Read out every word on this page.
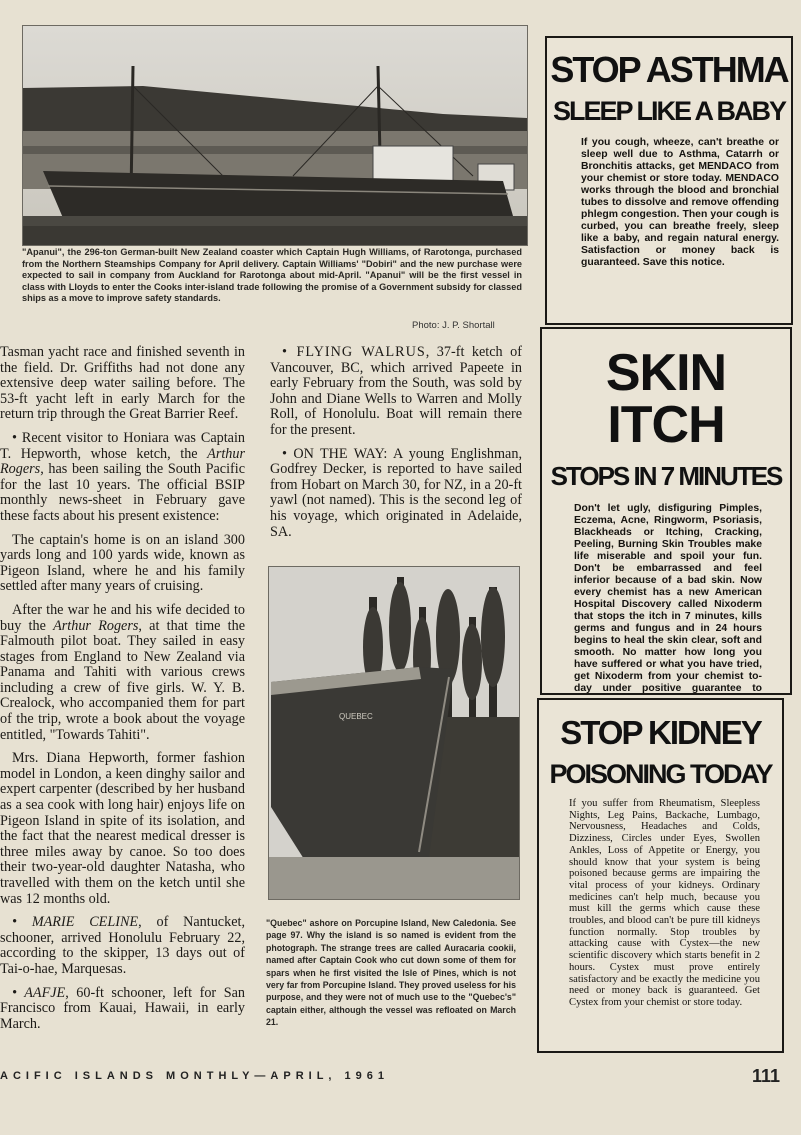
"Apanui", the 296-ton German-built New Zealand coaster which Captain Hugh Williams, of Rarotonga, purchased from the Northern Steamships Company for April delivery. Captain Williams' "Dobiri" and the new purchase were expected to sail in company from Auckland for Rarotonga about mid-April. "Apanui" will be the first vessel in class with Lloyds to enter the Cooks inter-island trade following the promise of a Government subsidy for classed ships as a move to improve safety standards.
Photo: J. P. Shortall

Tasman yacht race and finished seventh in the field. Dr. Griffiths had not done any extensive deep water sailing before. The 53-ft yacht left in early March for the return trip through the Great Barrier Reef.

• Recent visitor to Honiara was Captain T. Hepworth, whose ketch, the Arthur Rogers, has been sailing the South Pacific for the last 10 years. The official BSIP monthly news-sheet in February gave these facts about his present existence:

The captain's home is on an island 300 yards long and 100 yards wide, known as Pigeon Island, where he and his family settled after many years of cruising.

After the war he and his wife decided to buy the Arthur Rogers, at that time the Falmouth pilot boat. They sailed in easy stages from England to New Zealand via Panama and Tahiti with various crews including a crew of five girls. W. Y. B. Crealock, who accompanied them for part of the trip, wrote a book about the voyage entitled, "Towards Tahiti".

Mrs. Diana Hepworth, former fashion model in London, a keen dinghy sailor and expert carpenter (described by her husband as a sea cook with long hair) enjoys life on Pigeon Island in spite of its isolation, and the fact that the nearest medical dresser is three miles away by canoe. So too does their two-year-old daughter Natasha, who travelled with them on the ketch until she was 12 months old.

• MARIE CELINE, of Nantucket, schooner, arrived Honolulu February 22, according to the skipper, 13 days out of Tai-o-hae, Marquesas.

• AAFJE, 60-ft schooner, left for San Francisco from Kauai, Hawaii, in early March.

• FLYING WALRUS, 37-ft ketch of Vancouver, BC, which arrived Papeete in early February from the South, was sold by John and Diane Wells to Warren and Molly Roll, of Honolulu. Boat will remain there for the present.

• ON THE WAY: A young Englishman, Godfrey Decker, is reported to have sailed from Hobart on March 30, for NZ, in a 20-ft yawl (not named). This is the second leg of his voyage, which originated in Adelaide, SA.

QUEBEC
"Quebec" ashore on Porcupine Island, New Caledonia. See page 97. Why the island is so named is evident from the photograph. The strange trees are called Auracaria cookii, named after Captain Cook who cut down some of them for spars when he first visited the Isle of Pines, which is not very far from Porcupine Island. They proved useless for his purpose, and they were not of much use to the "Quebec's" captain either, although the vessel was refloated on March 21.
STOP ASTHMA
SLEEP LIKE A BABY
If you cough, wheeze, can't breathe or sleep well due to Asthma, Catarrh or Bronchitis attacks, get MENDACO from your chemist or store today. MENDACO works through the blood and bronchial tubes to dissolve and remove offending phlegm congestion. Then your cough is curbed, you can breathe freely, sleep like a baby, and regain natural energy. Satisfaction or money back is guaranteed. Save this notice.
SKIN ITCH
STOPS IN 7 MINUTES
Don't let ugly, disfiguring Pimples, Eczema, Acne, Ringworm, Psoriasis, Blackheads or Itching, Cracking, Peeling, Burning Skin Troubles make life miserable and spoil your fun. Don't be embarrassed and feel inferior because of a bad skin. Now every chemist has a new American Hospital Discovery called Nixoderm that stops the itch in 7 minutes, kills germs and fungus and in 24 hours begins to heal the skin clear, soft and smooth. No matter how long you have suffered or what you have tried, get Nixoderm from your chemist to-day under positive guarantee to
STOP KIDNEY
POISONING TODAY
If you suffer from Rheumatism, Sleepless Nights, Leg Pains, Backache, Lumbago, Nervousness, Headaches and Colds, Dizziness, Circles under Eyes, Swollen Ankles, Loss of Appetite or Energy, you should know that your system is being poisoned because germs are impairing the vital process of your kidneys. Ordinary medicines can't help much, because you must kill the germs which cause these troubles, and blood can't be pure till kidneys function normally. Stop troubles by attacking cause with Cystex—the new scientific discovery which starts benefit in 2 hours. Cystex must prove entirely satisfactory and be exactly the medicine you need or money back is guaranteed. Get Cystex from your chemist or store today.
ACIFIC ISLANDS MONTHLY—APRIL, 1961	111
